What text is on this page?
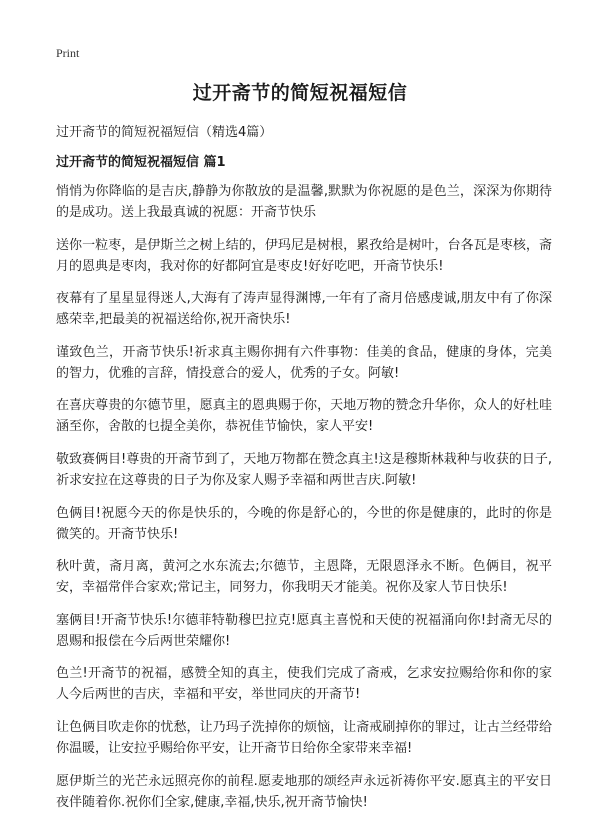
Print
过开斋节的简短祝福短信

过开斋节的简短祝福短信（精选4篇）

过开斋节的简短祝福短信 篇1

悄悄为你降临的是吉庆,静静为你散放的是温馨,默默为你祝愿的是色兰，深深为你期待的是成功。送上我最真诚的祝愿：开斋节快乐

送你一粒枣，是伊斯兰之树上结的，伊玛尼是树根，累孜给是树叶，台各瓦是枣核，斋月的恩典是枣肉，我对你的好都阿宜是枣皮!好好吃吧，开斋节快乐!

夜幕有了星星显得迷人,大海有了涛声显得渊博,一年有了斋月倍感虔诚,朋友中有了你深感荣幸,把最美的祝福送给你,祝开斋快乐!

谨致色兰，开斋节快乐!祈求真主赐你拥有六件事物：佳美的食品，健康的身体，完美的智力，优雅的言辞，情投意合的爱人，优秀的子女。阿敏!

在喜庆尊贵的尔德节里，愿真主的恩典赐于你，天地万物的赞念升华你，众人的好杜哇涵至你，舍散的乜提全美你，恭祝佳节愉快，家人平安!

敬致赛俩目!尊贵的开斋节到了，天地万物都在赞念真主!这是穆斯林栽种与收获的日子,祈求安拉在这尊贵的日子为你及家人赐予幸福和两世吉庆.阿敏!

色俩目!祝愿今天的你是快乐的，今晚的你是舒心的，今世的你是健康的，此时的你是微笑的。开斋节快乐!

秋叶黄，斋月离，黄河之水东流去;尔德节，主恩降，无限恩泽永不断。色俩目，祝平安，幸福常伴合家欢;常记主，同努力，你我明天才能美。祝你及家人节日快乐!

塞俩目!开斋节快乐!尔德菲特勒穆巴拉克!愿真主喜悦和天使的祝福涌向你!封斋无尽的恩赐和报偿在今后两世荣耀你!

色兰!开斋节的祝福，感赞全知的真主，使我们完成了斋戒，乞求安拉赐给你和你的家人今后两世的吉庆，幸福和平安，举世同庆的开斋节!

让色俩目吹走你的忧愁，让乃玛子洗掉你的烦恼，让斋戒刷掉你的罪过，让古兰经带给你温暖，让安拉乎赐给你平安，让开斋节日给你全家带来幸福!

愿伊斯兰的光芒永远照亮你的前程.愿麦地那的颂经声永远祈祷你平安.愿真主的平安日夜伴随着你.祝你们全家,健康,幸福,快乐,祝开斋节愉快!
